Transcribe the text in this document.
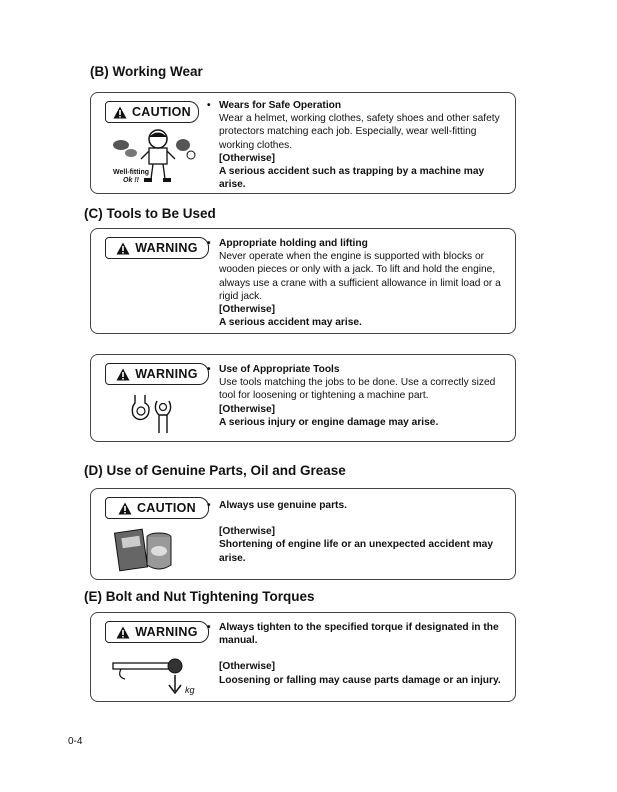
(B) Working Wear
CAUTION
Well-fitting
Ok !!
• Wears for Safe Operation
Wear a helmet, working clothes, safety shoes and other safety protectors matching each job. Especially, wear well-fitting working clothes.
[Otherwise]
A serious accident such as trapping by a machine may arise.
(C) Tools to Be Used
WARNING • Appropriate holding and lifting
Never operate when the engine is supported with blocks or wooden pieces or only with a jack. To lift and hold the engine, always use a crane with a sufficient allowance in limit load or a rigid jack.
[Otherwise]
A serious accident may arise.
WARNING • Use of Appropriate Tools
Use tools matching the jobs to be done. Use a correctly sized tool for loosening or tightening a machine part.
[Otherwise]
A serious injury or engine damage may arise.
(D) Use of Genuine Parts, Oil and Grease
CAUTION • Always use genuine parts.
[Otherwise]
Shortening of engine life or an unexpected accident may arise.
(E) Bolt and Nut Tightening Torques
WARNING
kg
• Always tighten to the specified torque if designated in the manual.
[Otherwise]
Loosening or falling may cause parts damage or an injury.
0-4
